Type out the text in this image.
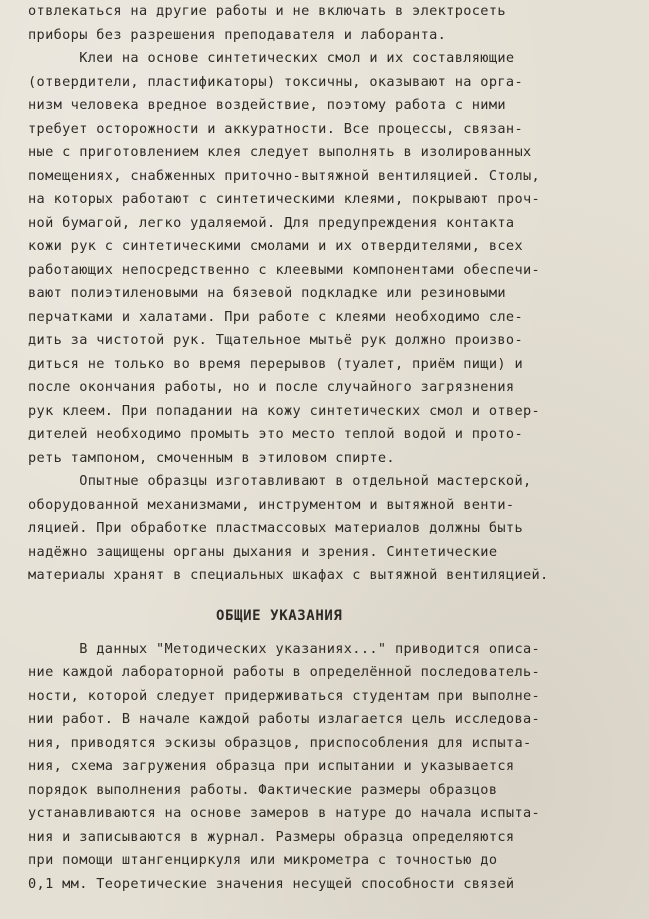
отвлекаться на другие работы и не включать в электросеть
приборы без разрешения преподавателя и лаборанта.
Клеи на основе синтетических смол и их составляющие
(отвердители, пластификаторы) токсичны, оказывают на орга-
низм человека вредное воздействие, поэтому работа с ними
требует осторожности и аккуратности. Все процессы, связан-
ные с приготовлением клея следует выполнять в изолированных
помещениях, снабженных приточно-вытяжной вентиляцией. Столы,
на которых работают с синтетическими клеями, покрывают проч-
ной бумагой, легко удаляемой. Для предупреждения контакта
кожи рук с синтетическими смолами и их отвердителями, всех
работающих непосредственно с клеевыми компонентами обеспечи-
вают полиэтиленовыми на бязевой подкладке или резиновыми
перчатками и халатами. При работе с клеями необходимо сле-
дить за чистотой рук. Тщательное мытьё рук должно произво-
диться не только во время перерывов (туалет, приём пищи) и
после окончания работы, но и после случайного загрязнения
рук клеем. При попадании на кожу синтетических смол и отвер-
дителей необходимо промыть это место теплой водой и прото-
реть тампоном, смоченным в этиловом спирте.
Опытные образцы изготавливают в отдельной мастерской,
оборудованной механизмами, инструментом и вытяжной венти-
ляцией. При обработке пластмассовых материалов должны быть
надёжно защищены органы дыхания и зрения. Синтетические
материалы хранят в специальных шкафах с вытяжной вентиляцией.
ОБЩИЕ УКАЗАНИЯ
В данных "Методических указаниях..." приводится описа-
ние каждой лабораторной работы в определённой последователь-
ности, которой следует придерживаться студентам при выполне-
нии работ. В начале каждой работы излагается цель исследова-
ния, приводятся эскизы образцов, приспособления для испыта-
ния, схема загружения образца при испытании и указывается
порядок выполнения работы. Фактические размеры образцов
устанавливаются на основе замеров в натуре до начала испыта-
ния и записываются в журнал. Размеры образца определяются
при помощи штангенциркуля или микрометра с точностью до
0,1 мм. Теоретические значения несущей способности связей
